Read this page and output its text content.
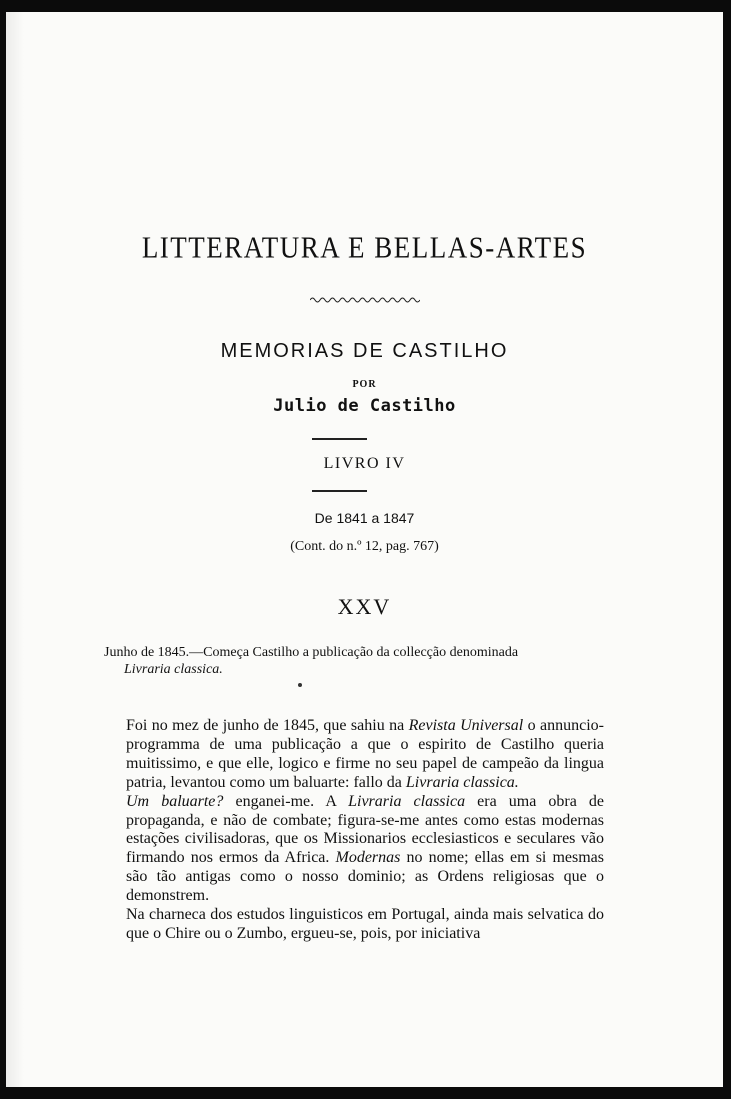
LITTERATURA E BELLAS-ARTES
MEMORIAS DE CASTILHO
POR
Julio de Castilho
LIVRO IV
De 1841 a 1847
(Cont. do n.º 12, pag. 767)
XXV
Junho de 1845.—Começa Castilho a publicação da collecção denominada
Livraria classica.

Foi no mez de junho de 1845, que sahiu na Revista Universal o annuncio-programma de uma publicação a que o espirito de Castilho queria muitissimo, e que elle, logico e firme no seu papel de campeão da lingua patria, levantou como um baluarte: fallo da Livraria classica.

Um baluarte? enganei-me. A Livraria classica era uma obra de propaganda, e não de combate; figura-se-me antes como estas modernas estações civilisadoras, que os Missionarios ecclesiasticos e seculares vão firmando nos ermos da Africa. Modernas no nome; ellas em si mesmas são tão antigas como o nosso dominio; as Ordens religiosas que o demonstrem.

Na charneca dos estudos linguisticos em Portugal, ainda mais selvatica do que o Chire ou o Zumbo, ergueu-se, pois, por iniciativa
